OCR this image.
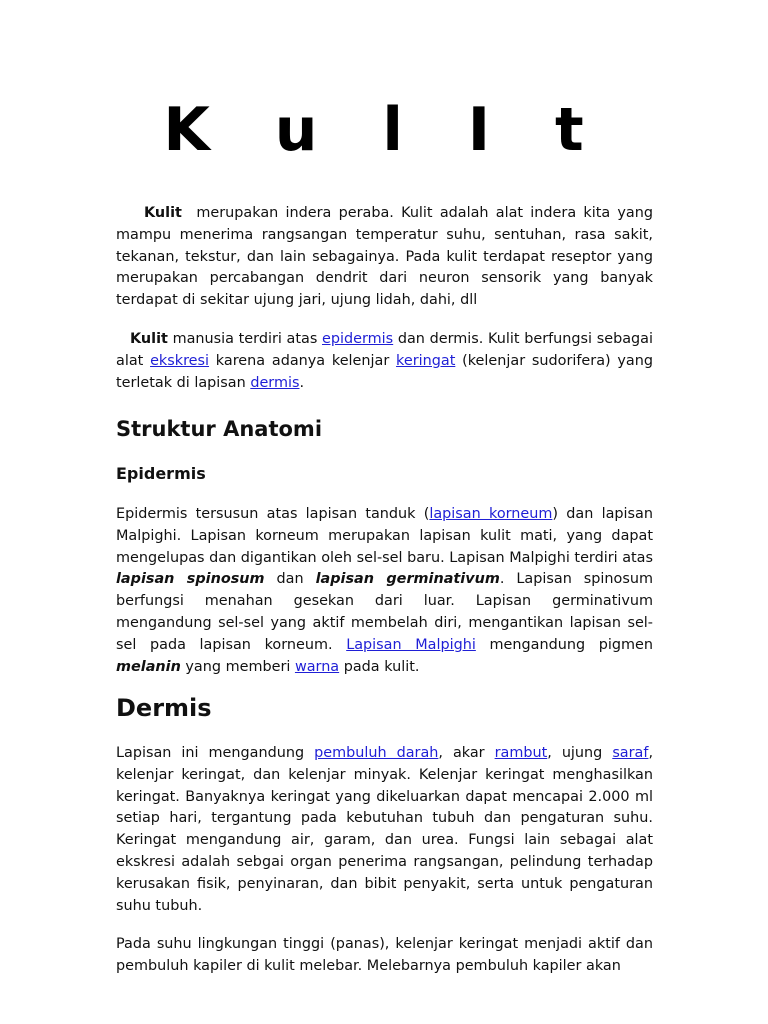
K u l I t

Kulit merupakan indera peraba. Kulit adalah alat indera kita yang mampu menerima rangsangan temperatur suhu, sentuhan, rasa sakit, tekanan, tekstur, dan lain sebagainya. Pada kulit terdapat reseptor yang merupakan percabangan dendrit dari neuron sensorik yang banyak terdapat di sekitar ujung jari, ujung lidah, dahi, dll

Kulit manusia terdiri atas epidermis dan dermis. Kulit berfungsi sebagai alat ekskresi karena adanya kelenjar keringat (kelenjar sudorifera) yang terletak di lapisan dermis.

Struktur Anatomi
Epidermis

Epidermis tersusun atas lapisan tanduk (lapisan korneum) dan lapisan Malpighi. Lapisan korneum merupakan lapisan kulit mati, yang dapat mengelupas dan digantikan oleh sel-sel baru. Lapisan Malpighi terdiri atas lapisan spinosum dan lapisan germinativum. Lapisan spinosum berfungsi menahan gesekan dari luar. Lapisan germinativum mengandung sel-sel yang aktif membelah diri, mengantikan lapisan sel-sel pada lapisan korneum. Lapisan Malpighi mengandung pigmen melanin yang memberi warna pada kulit.

Dermis

Lapisan ini mengandung pembuluh darah, akar rambut, ujung saraf, kelenjar keringat, dan kelenjar minyak. Kelenjar keringat menghasilkan keringat. Banyaknya keringat yang dikeluarkan dapat mencapai 2.000 ml setiap hari, tergantung pada kebutuhan tubuh dan pengaturan suhu. Keringat mengandung air, garam, dan urea. Fungsi lain sebagai alat ekskresi adalah sebgai organ penerima rangsangan, pelindung terhadap kerusakan fisik, penyinaran, dan bibit penyakit, serta untuk pengaturan suhu tubuh.

Pada suhu lingkungan tinggi (panas), kelenjar keringat menjadi aktif dan pembuluh kapiler di kulit melebar. Melebarnya pembuluh kapiler akan
